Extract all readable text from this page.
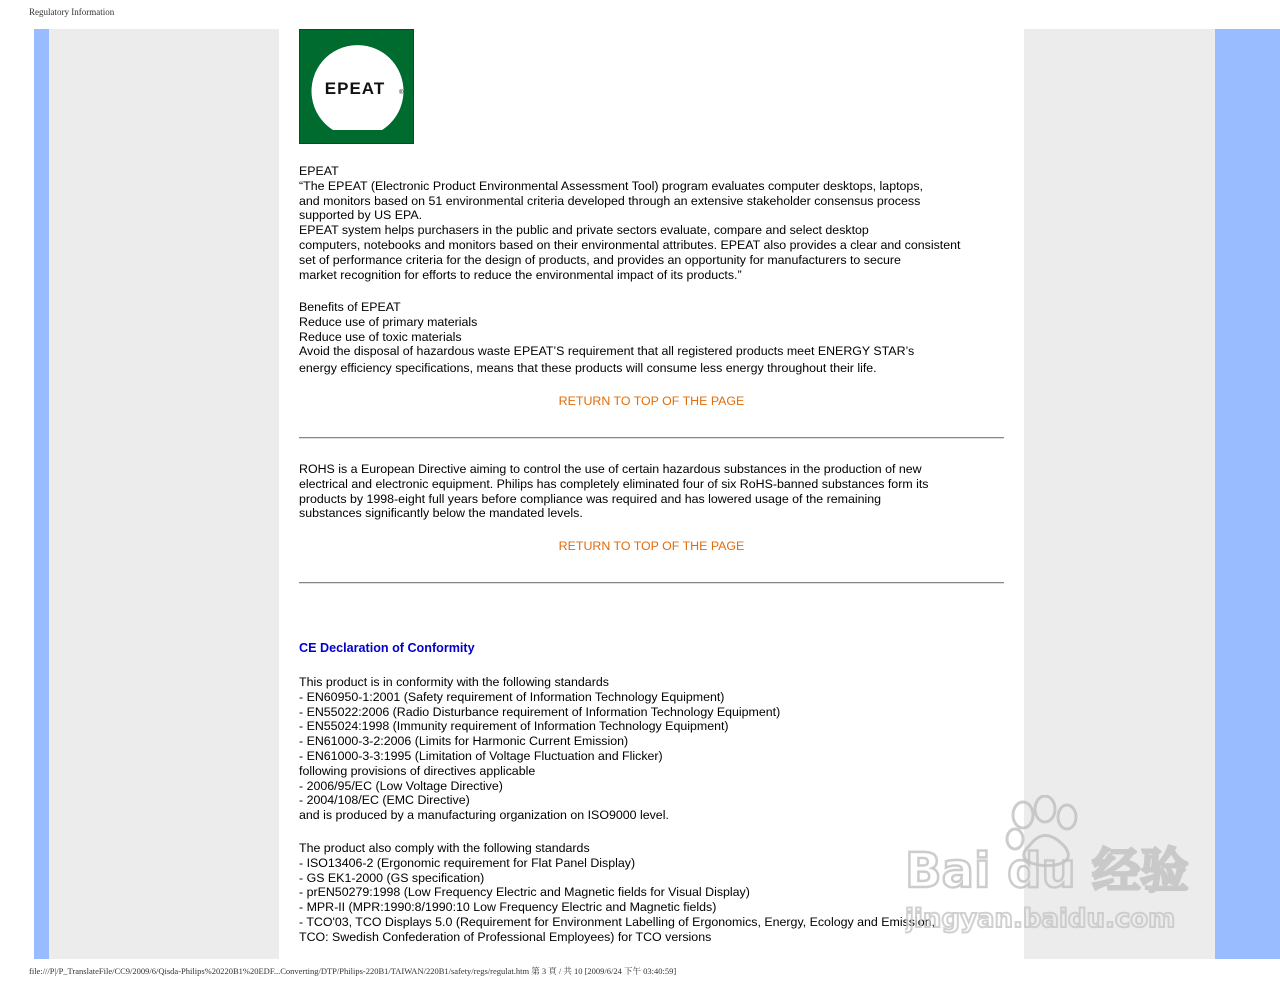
Regulatory Information
EPEAT ®
EPEAT
“The EPEAT (Electronic Product Environmental Assessment Tool) program evaluates computer desktops, laptops,
and monitors based on 51 environmental criteria developed through an extensive stakeholder consensus process
supported by US EPA.
EPEAT system helps purchasers in the public and private sectors evaluate, compare and select desktop
computers, notebooks and monitors based on their environmental attributes. EPEAT also provides a clear and consistent
set of performance criteria for the design of products, and provides an opportunity for manufacturers to secure
market recognition for efforts to reduce the environmental impact of its products.”
Benefits of EPEAT
Reduce use of primary materials
Reduce use of toxic materials
Avoid the disposal of hazardous waste EPEAT’S requirement that all registered products meet ENERGY STAR’s
energy efficiency specifications, means that these products will consume less energy throughout their life.
RETURN TO TOP OF THE PAGE
ROHS is a European Directive aiming to control the use of certain hazardous substances in the production of new
electrical and electronic equipment. Philips has completely eliminated four of six RoHS-banned substances form its
products by 1998-eight full years before compliance was required and has lowered usage of the remaining
substances significantly below the mandated levels.
RETURN TO TOP OF THE PAGE
CE Declaration of Conformity
This product is in conformity with the following standards
- EN60950-1:2001 (Safety requirement of Information Technology Equipment)
- EN55022:2006 (Radio Disturbance requirement of Information Technology Equipment)
- EN55024:1998 (Immunity requirement of Information Technology Equipment)
- EN61000-3-2:2006 (Limits for Harmonic Current Emission)
- EN61000-3-3:1995 (Limitation of Voltage Fluctuation and Flicker)
following provisions of directives applicable
- 2006/95/EC (Low Voltage Directive)
- 2004/108/EC (EMC Directive)
and is produced by a manufacturing organization on ISO9000 level.
The product also comply with the following standards
- ISO13406-2 (Ergonomic requirement for Flat Panel Display)
- GS EK1-2000 (GS specification)
- prEN50279:1998 (Low Frequency Electric and Magnetic fields for Visual Display)
- MPR-II (MPR:1990:8/1990:10 Low Frequency Electric and Magnetic fields)
- TCO'03, TCO Displays 5.0 (Requirement for Environment Labelling of Ergonomics, Energy, Ecology and Emission,
TCO: Swedish Confederation of Professional Employees) for TCO versions
file:///P|/P_TranslateFile/CC9/2009/6/Qisda-Philips%20220B1%20EDF...Converting/DTP/Philips-220B1/TAIWAN/220B1/safety/regs/regulat.htm 第 3 頁 / 共 10 [2009/6/24 下午 03:40:59]
Bai du 经验
jingyan.baidu.com
